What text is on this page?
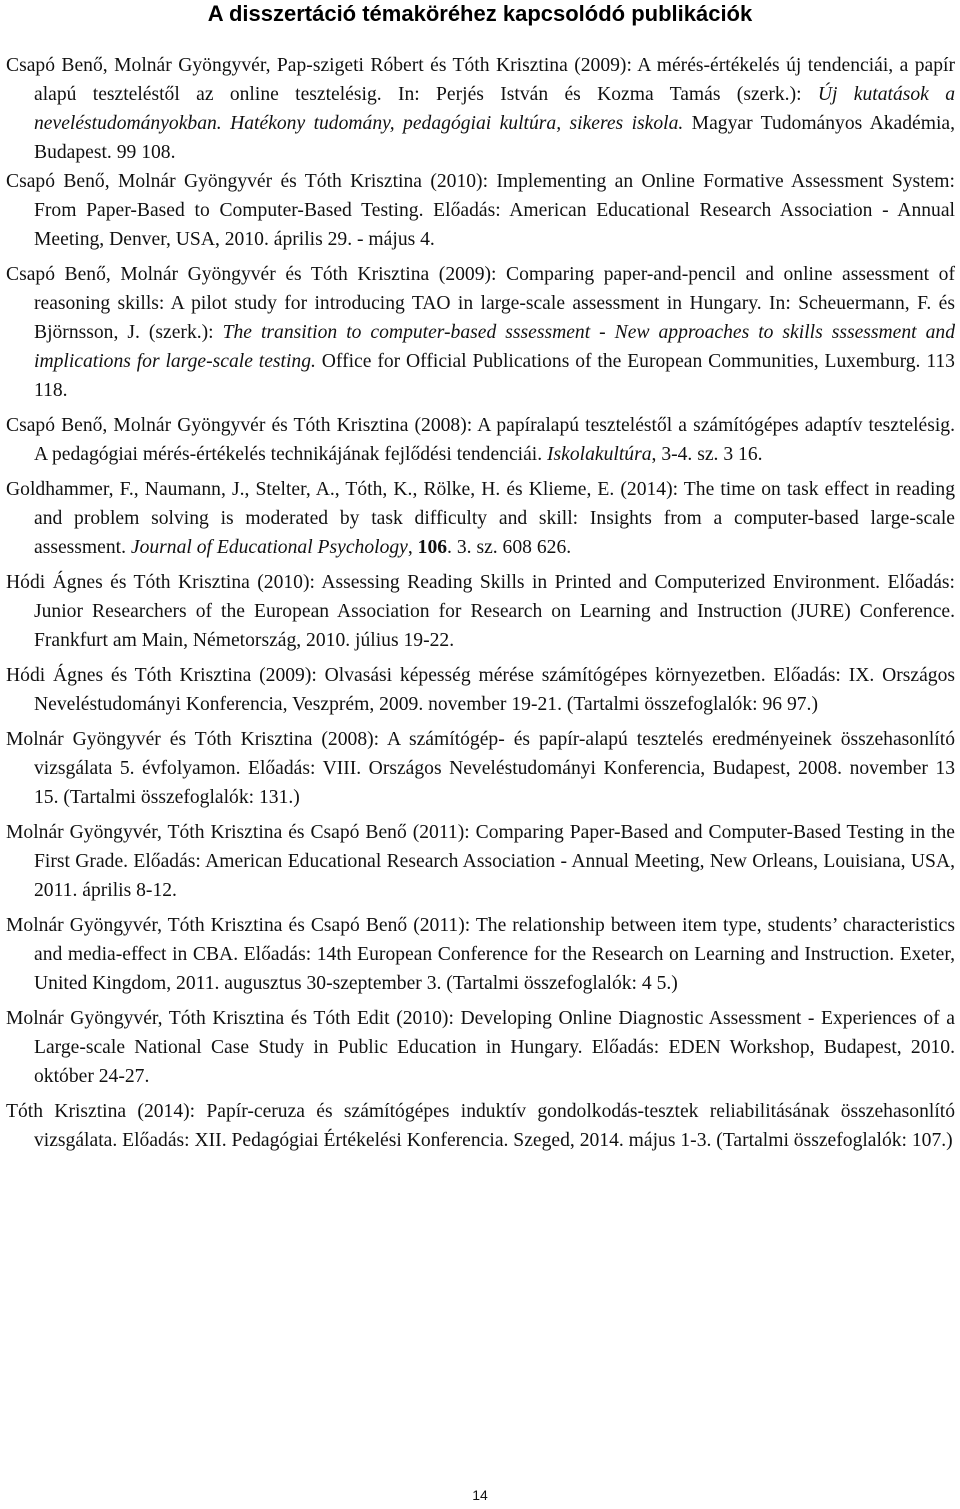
A disszertáció témaköréhez kapcsolódó publikációk

Csapó Benő, Molnár Gyöngyvér, Pap-szigeti Róbert és Tóth Krisztina (2009): A mérés-értékelés új tendenciái, a papír alapú teszteléstől az online tesztelésig. In: Perjés István és Kozma Tamás (szerk.): Új kutatások a neveléstudományokban. Hatékony tudomány, pedagógiai kultúra, sikeres iskola. Magyar Tudományos Akadémia, Budapest. 99 108.

Csapó Benő, Molnár Gyöngyvér és Tóth Krisztina (2010): Implementing an Online Formative Assessment System: From Paper-Based to Computer-Based Testing. Előadás: American Educational Research Association - Annual Meeting, Denver, USA, 2010. április 29. - május 4.

Csapó Benő, Molnár Gyöngyvér és Tóth Krisztina (2009): Comparing paper-and-pencil and online assessment of reasoning skills: A pilot study for introducing TAO in large-scale assessment in Hungary. In: Scheuermann, F. és Björnsson, J. (szerk.): The transition to computer-based sssessment - New approaches to skills sssessment and implications for large-scale testing. Office for Official Publications of the European Communities, Luxemburg. 113 118.

Csapó Benő, Molnár Gyöngyvér és Tóth Krisztina (2008): A papíralapú teszteléstől a számítógépes adaptív tesztelésig. A pedagógiai mérés-értékelés technikájának fejlődési tendenciái. Iskolakultúra, 3-4. sz. 3 16.

Goldhammer, F., Naumann, J., Stelter, A., Tóth, K., Rölke, H. és Klieme, E. (2014): The time on task effect in reading and problem solving is moderated by task difficulty and skill: Insights from a computer-based large-scale assessment. Journal of Educational Psychology, 106. 3. sz. 608 626.

Hódi Ágnes és Tóth Krisztina (2010): Assessing Reading Skills in Printed and Computerized Environment. Előadás: Junior Researchers of the European Association for Research on Learning and Instruction (JURE) Conference. Frankfurt am Main, Németország, 2010. július 19-22.

Hódi Ágnes és Tóth Krisztina (2009): Olvasási képesség mérése számítógépes környezetben. Előadás: IX. Országos Neveléstudományi Konferencia, Veszprém, 2009. november 19-21. (Tartalmi összefoglalók: 96 97.)

Molnár Gyöngyvér és Tóth Krisztina (2008): A számítógép- és papír-alapú tesztelés eredményeinek összehasonlító vizsgálata 5. évfolyamon. Előadás: VIII. Országos Neveléstudományi Konferencia, Budapest, 2008. november 13 15. (Tartalmi összefoglalók: 131.)

Molnár Gyöngyvér, Tóth Krisztina és Csapó Benő (2011): Comparing Paper-Based and Computer-Based Testing in the First Grade. Előadás: American Educational Research Association - Annual Meeting, New Orleans, Louisiana, USA, 2011. április 8-12.

Molnár Gyöngyvér, Tóth Krisztina és Csapó Benő (2011): The relationship between item type, students’ characteristics and media-effect in CBA. Előadás: 14th European Conference for the Research on Learning and Instruction. Exeter, United Kingdom, 2011. augusztus 30-szeptember 3. (Tartalmi összefoglalók: 4 5.)

Molnár Gyöngyvér, Tóth Krisztina és Tóth Edit (2010): Developing Online Diagnostic Assessment - Experiences of a Large-scale National Case Study in Public Education in Hungary. Előadás: EDEN Workshop, Budapest, 2010. október 24-27.

Tóth Krisztina (2014): Papír-ceruza és számítógépes induktív gondolkodás-tesztek reliabilitásának összehasonlító vizsgálata. Előadás: XII. Pedagógiai Értékelési Konferencia. Szeged, 2014. május 1-3. (Tartalmi összefoglalók: 107.)

14
